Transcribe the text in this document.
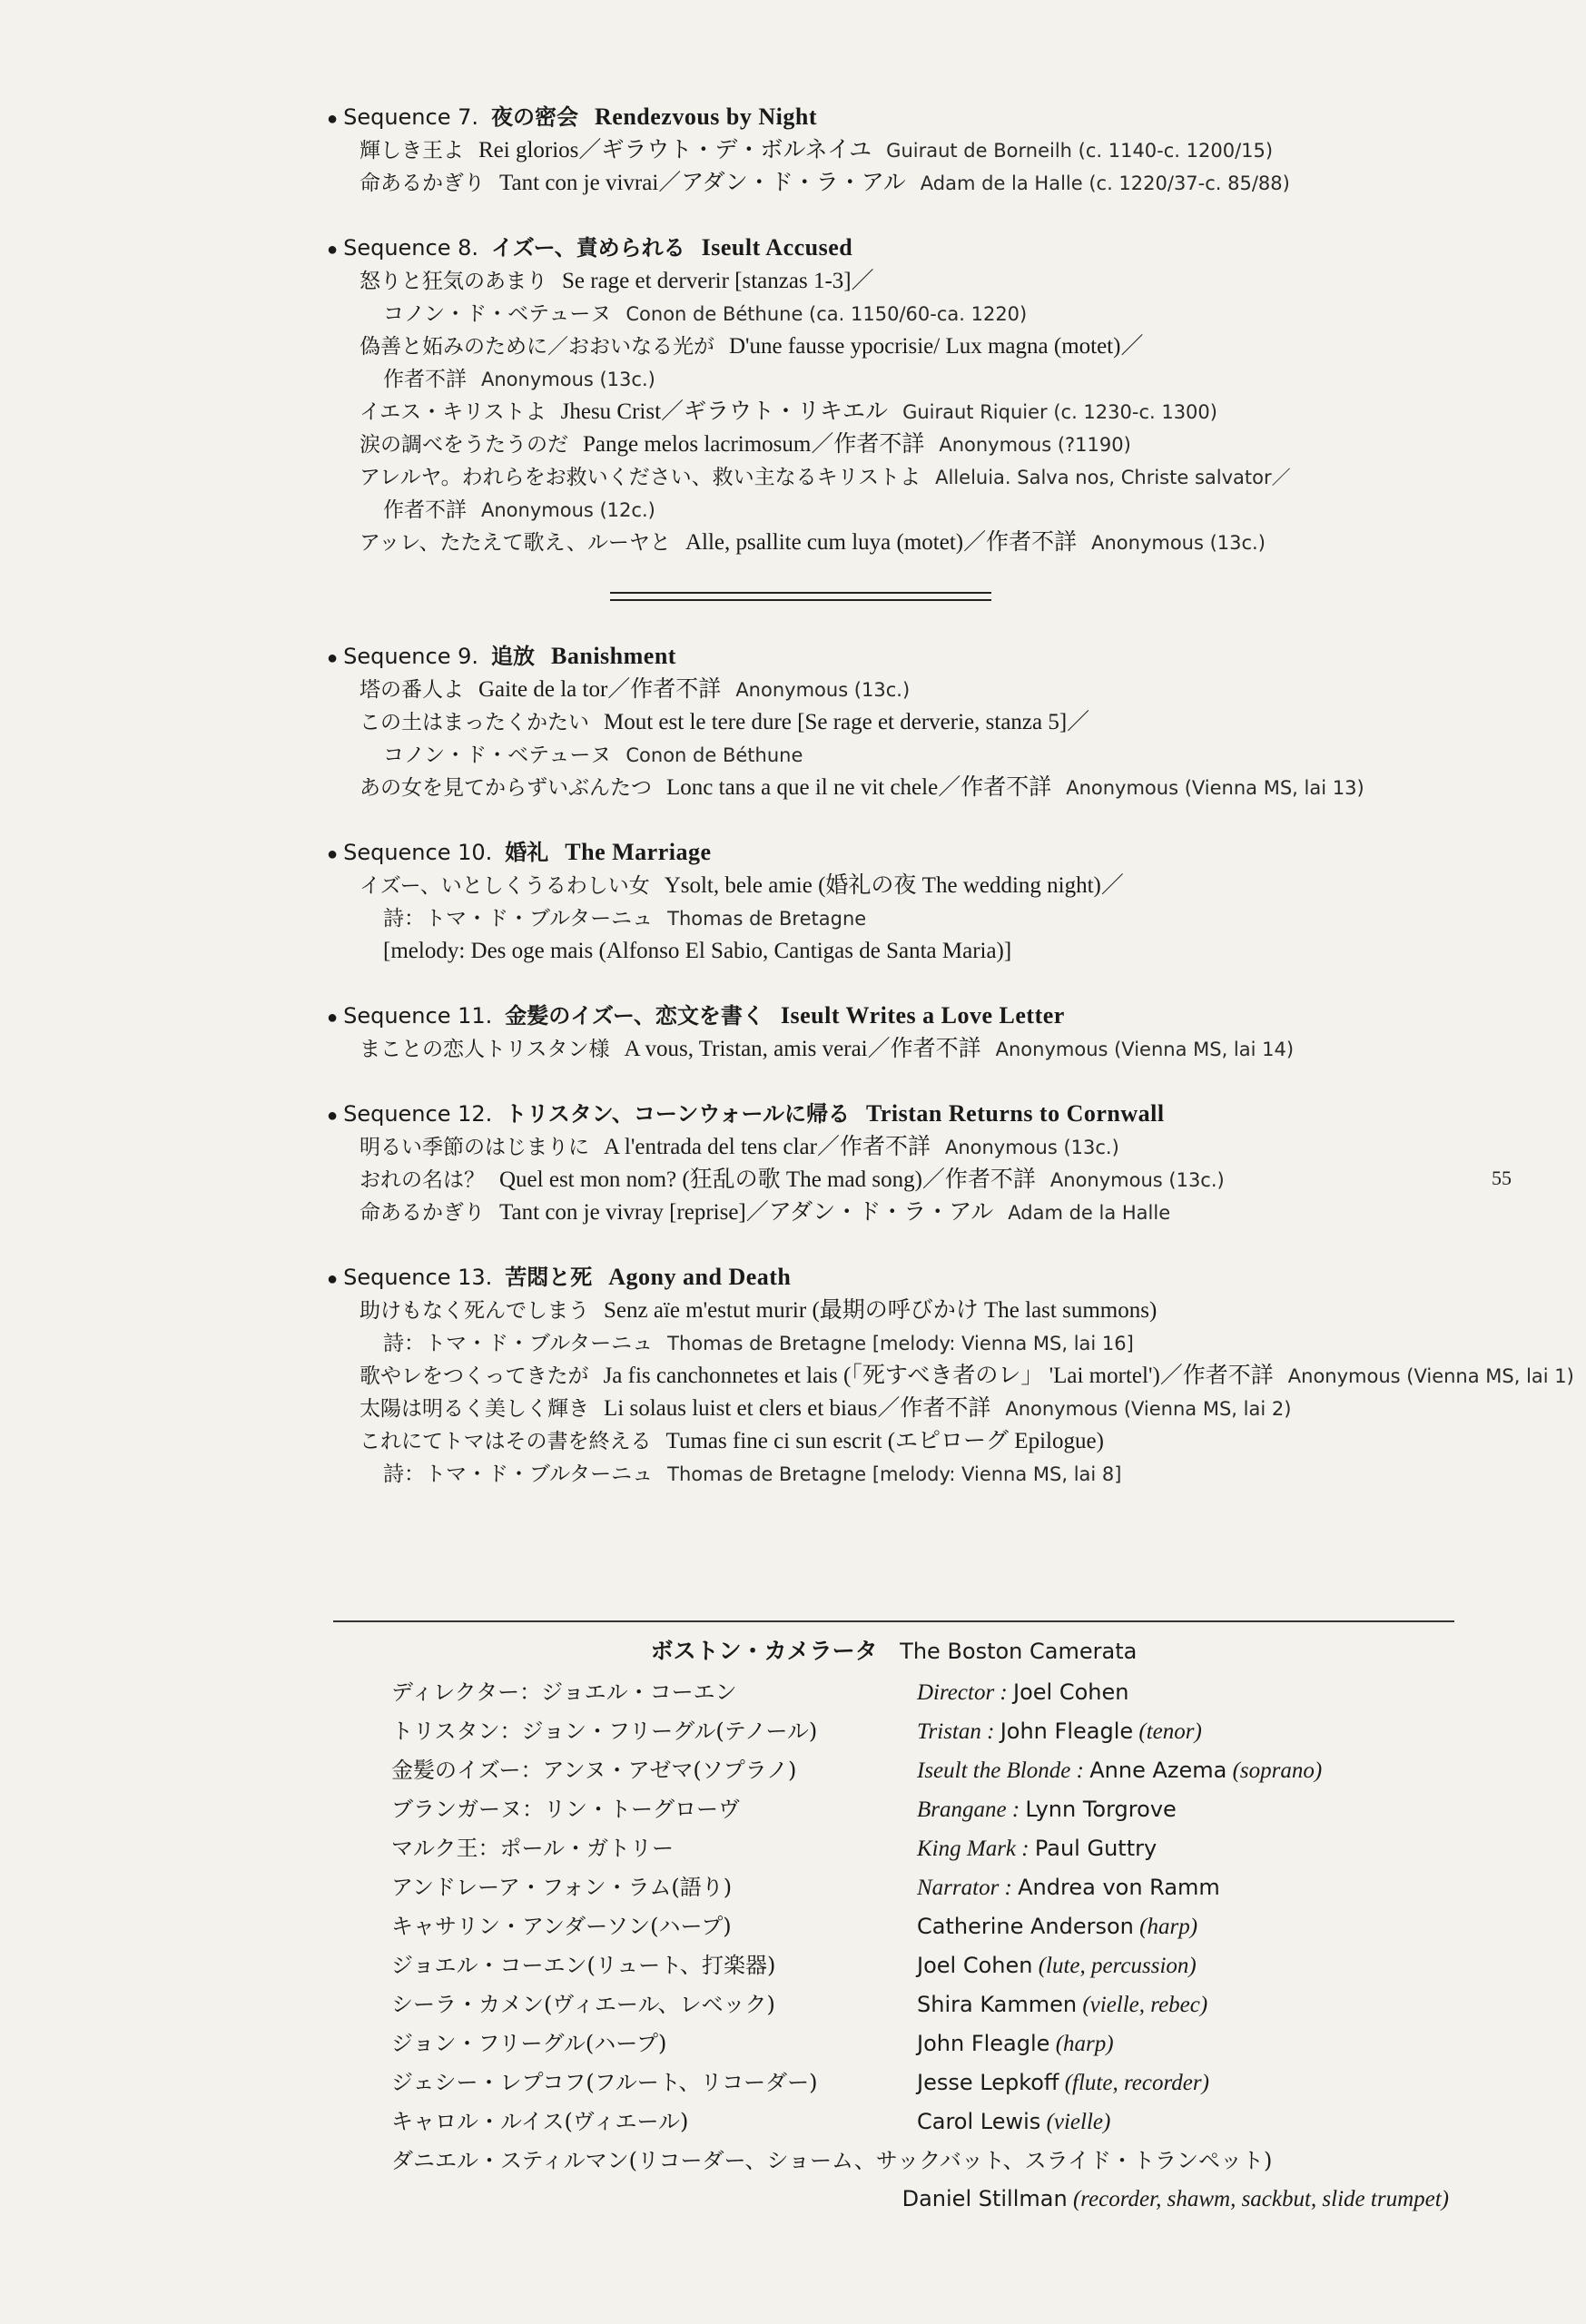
● Sequence 7. 夜の密会 Rendezvous by Night
輝しき王よ Rei glorios／ギラウト・デ・ボルネイユ Guiraut de Borneilh (c. 1140-c. 1200/15)
命あるかぎり Tant con je vivrai／アダン・ド・ラ・アル Adam de la Halle (c. 1220/37-c. 85/88)
● Sequence 8. イズー、責められる Iseult Accused
怒りと狂気のあまり Se rage et derverir [stanzas 1-3]／
コノン・ド・ベテューヌ Conon de Béthune (ca. 1150/60-ca. 1220)
偽善と妬みのために／おおいなる光が D'une fausse ypocrisie/ Lux magna (motet)／
作者不詳 Anonymous (13c.)
イエス・キリストよ Jhesu Crist／ギラウト・リキエル Guiraut Riquier (c. 1230-c. 1300)
涙の調べをうたうのだ Pange melos lacrimosum／作者不詳 Anonymous (?1190)
アレルヤ。われらをお救いください、救い主なるキリストよ Alleluia. Salva nos, Christe salvator／
作者不詳 Anonymous (12c.)
アッレ、たたえて歌え、ルーヤと Alle, psallite cum luya (motet)／作者不詳 Anonymous (13c.)
● Sequence 9. 追放 Banishment
塔の番人よ Gaite de la tor／作者不詳 Anonymous (13c.)
この土はまったくかたい Mout est le tere dure [Se rage et derverie, stanza 5]／
コノン・ド・ベテューヌ Conon de Béthune
あの女を見てからずいぶんたつ Lonc tans a que il ne vit chele／作者不詳 Anonymous (Vienna MS, lai 13)
● Sequence 10. 婚礼 The Marriage
イズー、いとしくうるわしい女 Ysolt, bele amie (婚礼の夜 The wedding night)／
詩：トマ・ド・ブルターニュ Thomas de Bretagne
[melody: Des oge mais (Alfonso El Sabio, Cantigas de Santa Maria)]
● Sequence 11. 金髪のイズー、恋文を書く Iseult Writes a Love Letter
まことの恋人トリスタン様 A vous, Tristan, amis verai／作者不詳 Anonymous (Vienna MS, lai 14)
● Sequence 12. トリスタン、コーンウォールに帰る Tristan Returns to Cornwall
明るい季節のはじまりに A l'entrada del tens clar／作者不詳 Anonymous (13c.)
おれの名は？ Quel est mon nom? (狂乱の歌 The mad song)／作者不詳 Anonymous (13c.)
命あるかぎり Tant con je vivray [reprise]／アダン・ド・ラ・アル Adam de la Halle
● Sequence 13. 苦悶と死 Agony and Death
助けもなく死んでしまう Senz aïe m'estut murir (最期の呼びかけ The last summons)
詩：トマ・ド・ブルターニュ Thomas de Bretagne [melody: Vienna MS, lai 16]
歌やレをつくってきたが Ja fis canchonnetes et lais (「死すべき者のレ」 'Lai mortel')／作者不詳 Anonymous (Vienna MS, lai 1)
太陽は明るく美しく輝き Li solaus luist et clers et biaus／作者不詳 Anonymous (Vienna MS, lai 2)
これにてトマはその書を終える Tumas fine ci sun escrit (エピローグ Epilogue)
詩：トマ・ド・ブルターニュ Thomas de Bretagne [melody: Vienna MS, lai 8]
55
ボストン・カメラータ The Boston Camerata
ディレクター：ジョエル・コーエン	Director : Joel Cohen
トリスタン：ジョン・フリーグル(テノール)	Tristan : John Fleagle (tenor)
金髪のイズー：アンヌ・アゼマ(ソプラノ)	Iseult the Blonde : Anne Azema (soprano)
ブランガーヌ：リン・トーグローヴ	Brangane : Lynn Torgrove
マルク王：ポール・ガトリー	King Mark : Paul Guttry
アンドレーア・フォン・ラム(語り)	Narrator : Andrea von Ramm
キャサリン・アンダーソン(ハープ)	Catherine Anderson (harp)
ジョエル・コーエン(リュート、打楽器)	Joel Cohen (lute, percussion)
シーラ・カメン(ヴィエール、レベック)	Shira Kammen (vielle, rebec)
ジョン・フリーグル(ハープ)	John Fleagle (harp)
ジェシー・レプコフ(フルート、リコーダー)	Jesse Lepkoff (flute, recorder)
キャロル・ルイス(ヴィエール)	Carol Lewis (vielle)
ダニエル・スティルマン(リコーダー、ショーム、サックバット、スライド・トランペット)
Daniel Stillman (recorder, shawm, sackbut, slide trumpet)
